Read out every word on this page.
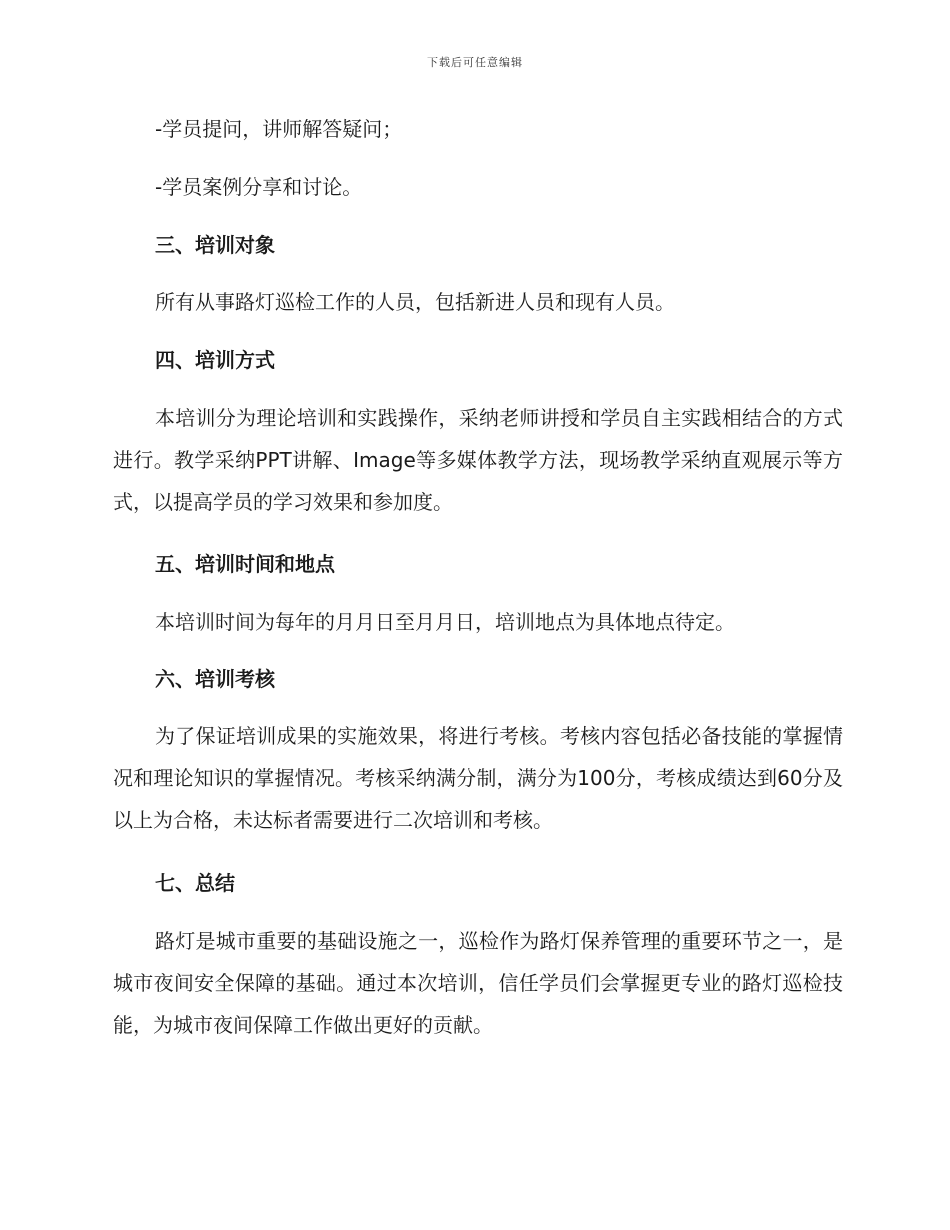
下载后可任意编辑
-学员提问，讲师解答疑问；
-学员案例分享和讨论。
三、培训对象
所有从事路灯巡检工作的人员，包括新进人员和现有人员。
四、培训方式
本培训分为理论培训和实践操作，采纳老师讲授和学员自主实践相结合的方式进行。教学采纳PPT讲解、Image等多媒体教学方法，现场教学采纳直观展示等方式，以提高学员的学习效果和参加度。
五、培训时间和地点
本培训时间为每年的月月日至月月日，培训地点为具体地点待定。
六、培训考核
为了保证培训成果的实施效果，将进行考核。考核内容包括必备技能的掌握情况和理论知识的掌握情况。考核采纳满分制，满分为100分，考核成绩达到60分及以上为合格，未达标者需要进行二次培训和考核。
七、总结
路灯是城市重要的基础设施之一，巡检作为路灯保养管理的重要环节之一，是城市夜间安全保障的基础。通过本次培训，信任学员们会掌握更专业的路灯巡检技能，为城市夜间保障工作做出更好的贡献。
